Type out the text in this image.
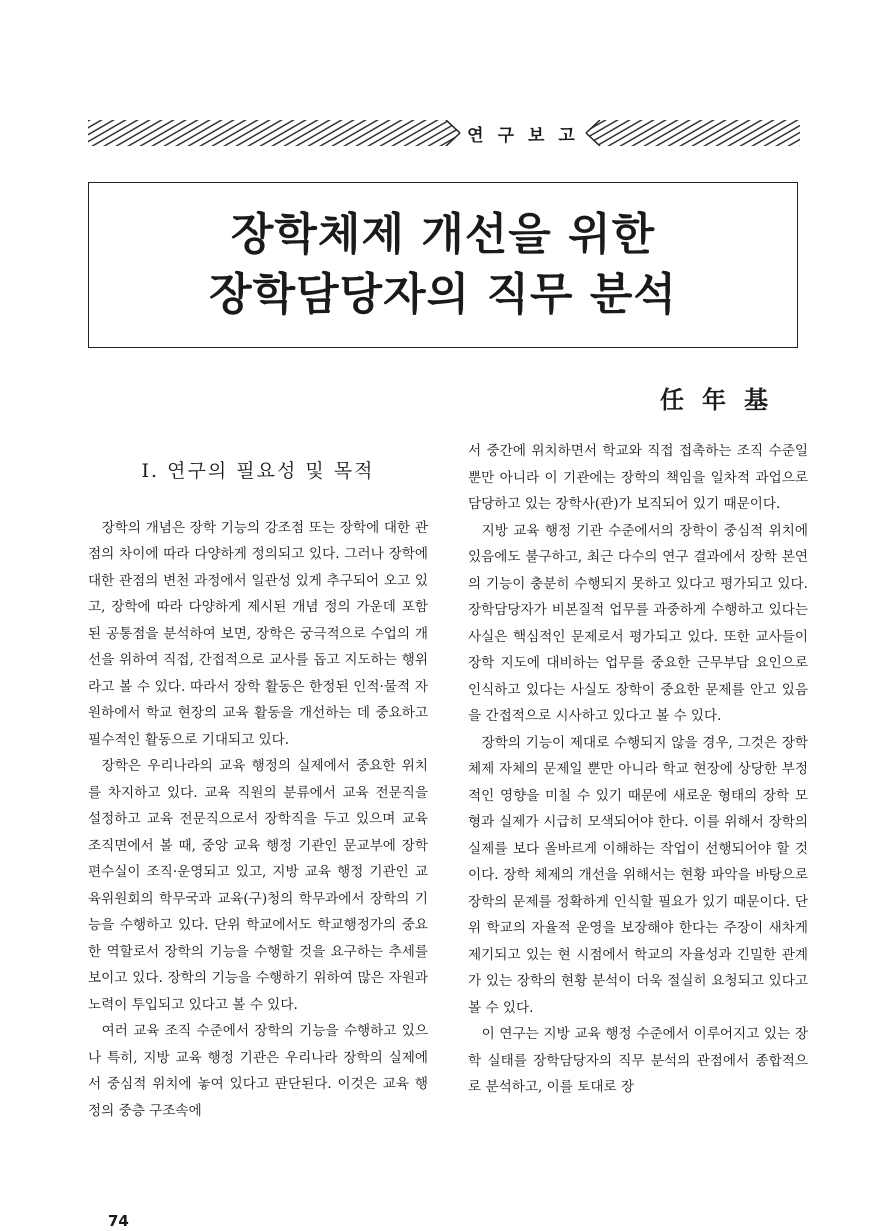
연구보고
장학체제 개선을 위한
장학담당자의 직무 분석
任年基
Ⅰ. 연구의 필요성 및 목적

장학의 개념은 장학 기능의 강조점 또는 장학에 대한 관점의 차이에 따라 다양하게 정의되고 있다. 그러나 장학에 대한 관점의 변천 과정에서 일관성 있게 추구되어 오고 있고, 장학에 따라 다양하게 제시된 개념 정의 가운데 포함된 공통점을 분석하여 보면, 장학은 궁극적으로 수업의 개선을 위하여 직접, 간접적으로 교사를 돕고 지도하는 행위라고 볼 수 있다. 따라서 장학 활동은 한정된 인적·물적 자원하에서 학교 현장의 교육 활동을 개선하는 데 중요하고 필수적인 활동으로 기대되고 있다.

장학은 우리나라의 교육 행정의 실제에서 중요한 위치를 차지하고 있다. 교육 직원의 분류에서 교육 전문직을 설정하고 교육 전문직으로서 장학직을 두고 있으며 교육 조직면에서 볼 때, 중앙 교육 행정 기관인 문교부에 장학편수실이 조직·운영되고 있고, 지방 교육 행정 기관인 교육위원회의 학무국과 교육(구)청의 학무과에서 장학의 기능을 수행하고 있다. 단위 학교에서도 학교행정가의 중요한 역할로서 장학의 기능을 수행할 것을 요구하는 추세를 보이고 있다. 장학의 기능을 수행하기 위하여 많은 자원과 노력이 투입되고 있다고 볼 수 있다.

여러 교육 조직 수준에서 장학의 기능을 수행하고 있으나 특히, 지방 교육 행정 기관은 우리나라 장학의 실제에서 중심적 위치에 놓여 있다고 판단된다. 이것은 교육 행정의 중층 구조속에

서 중간에 위치하면서 학교와 직접 접촉하는 조직 수준일 뿐만 아니라 이 기관에는 장학의 책임을 일차적 과업으로 담당하고 있는 장학사(관)가 보직되어 있기 때문이다.

지방 교육 행정 기관 수준에서의 장학이 중심적 위치에 있음에도 불구하고, 최근 다수의 연구 결과에서 장학 본연의 기능이 충분히 수행되지 못하고 있다고 평가되고 있다. 장학담당자가 비본질적 업무를 과중하게 수행하고 있다는 사실은 핵심적인 문제로서 평가되고 있다. 또한 교사들이 장학 지도에 대비하는 업무를 중요한 근무부담 요인으로 인식하고 있다는 사실도 장학이 중요한 문제를 안고 있음을 간접적으로 시사하고 있다고 볼 수 있다.

장학의 기능이 제대로 수행되지 않을 경우, 그것은 장학 체제 자체의 문제일 뿐만 아니라 학교 현장에 상당한 부정적인 영향을 미칠 수 있기 때문에 새로운 형태의 장학 모형과 실제가 시급히 모색되어야 한다. 이를 위해서 장학의 실제를 보다 올바르게 이해하는 작업이 선행되어야 할 것이다. 장학 체제의 개선을 위해서는 현황 파악을 바탕으로 장학의 문제를 정확하게 인식할 필요가 있기 때문이다. 단위 학교의 자율적 운영을 보장해야 한다는 주장이 새차게 제기되고 있는 현 시점에서 학교의 자율성과 긴밀한 관계가 있는 장학의 현황 분석이 더욱 절실히 요청되고 있다고 볼 수 있다.

이 연구는 지방 교육 행정 수준에서 이루어지고 있는 장학 실태를 장학담당자의 직무 분석의 관점에서 종합적으로 분석하고, 이를 토대로 장

74
